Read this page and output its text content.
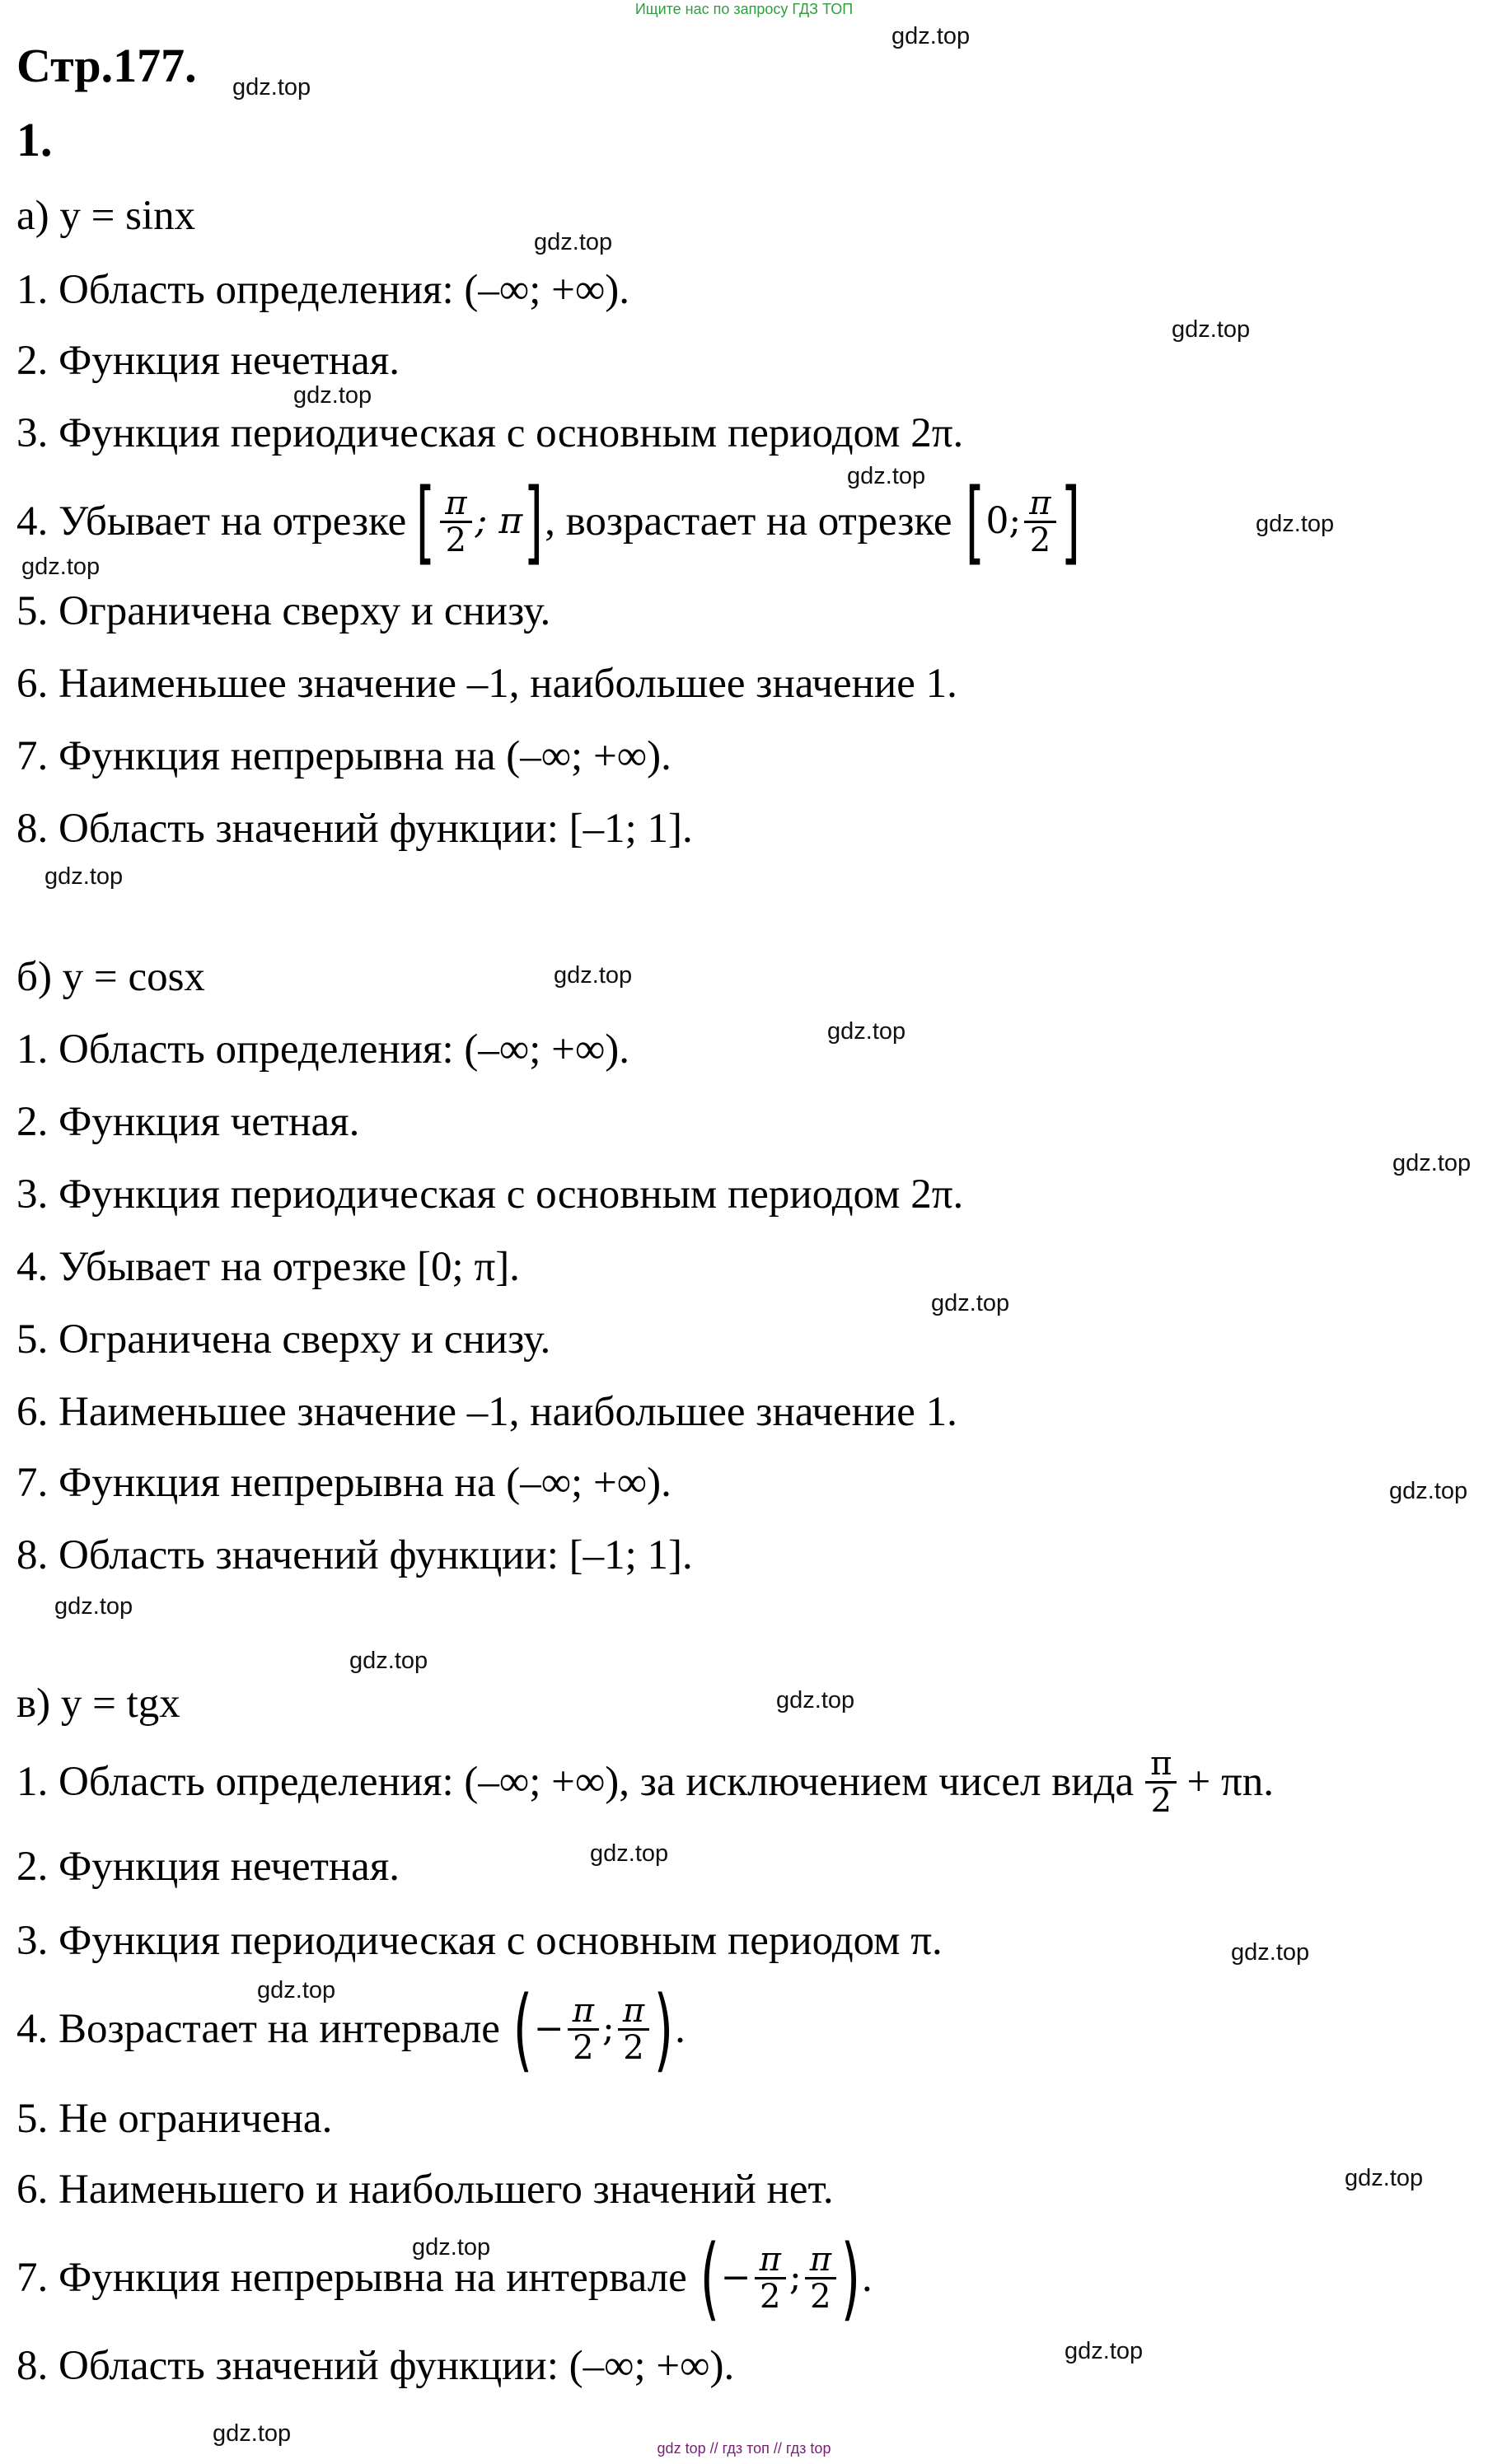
Ищите нас по запросу ГДЗ ТОП
Стр.177.
1.
а) y = sinx
1. Область определения: (–∞; +∞).
2. Функция нечетная.
3. Функция периодическая с основным периодом 2π.
4. Убывает на отрезке [ $\frac{\pi}{2}$ ; π ] , возрастает на отрезке [ 0; $\frac{\pi}{2}$ ]
5. Ограничена сверху и снизу.
6. Наименьшее значение –1, наибольшее значение 1.
7. Функция непрерывна на (–∞; +∞).
8. Область значений функции: [–1; 1].
б) y = cosx
1. Область определения: (–∞; +∞).
2. Функция четная.
3. Функция периодическая с основным периодом 2π.
4. Убывает на отрезке [0; π].
5. Ограничена сверху и снизу.
6. Наименьшее значение –1, наибольшее значение 1.
7. Функция непрерывна на (–∞; +∞).
8. Область значений функции: [–1; 1].
в) y = tgx
1. Область определения: (–∞; +∞), за исключением чисел вида $\frac{\pi}{2} + \pi n$.
2. Функция нечетная.
3. Функция периодическая с основным периодом π.
4. Возрастает на интервале ( − $\frac{\pi}{2}$ ; $\frac{\pi}{2}$ ) .
5. Не ограничена.
6. Наименьшего и наибольшего значений нет.
7. Функция непрерывна на интервале ( − $\frac{\pi}{2}$ ; $\frac{\pi}{2}$ ) .
8. Область значений функции: (–∞; +∞).
gdz.top
gdz.top
gdz.top
gdz.top
gdz.top
gdz.top
gdz.top
gdz.top
gdz.top
gdz.top
gdz.top
gdz.top
gdz.top
gdz.top
gdz.top
gdz.top
gdz.top
gdz.top
gdz.top
gdz.top
gdz.top
gdz.top
gdz.top
gdz.top
gdz top // гдз топ // гдз top
